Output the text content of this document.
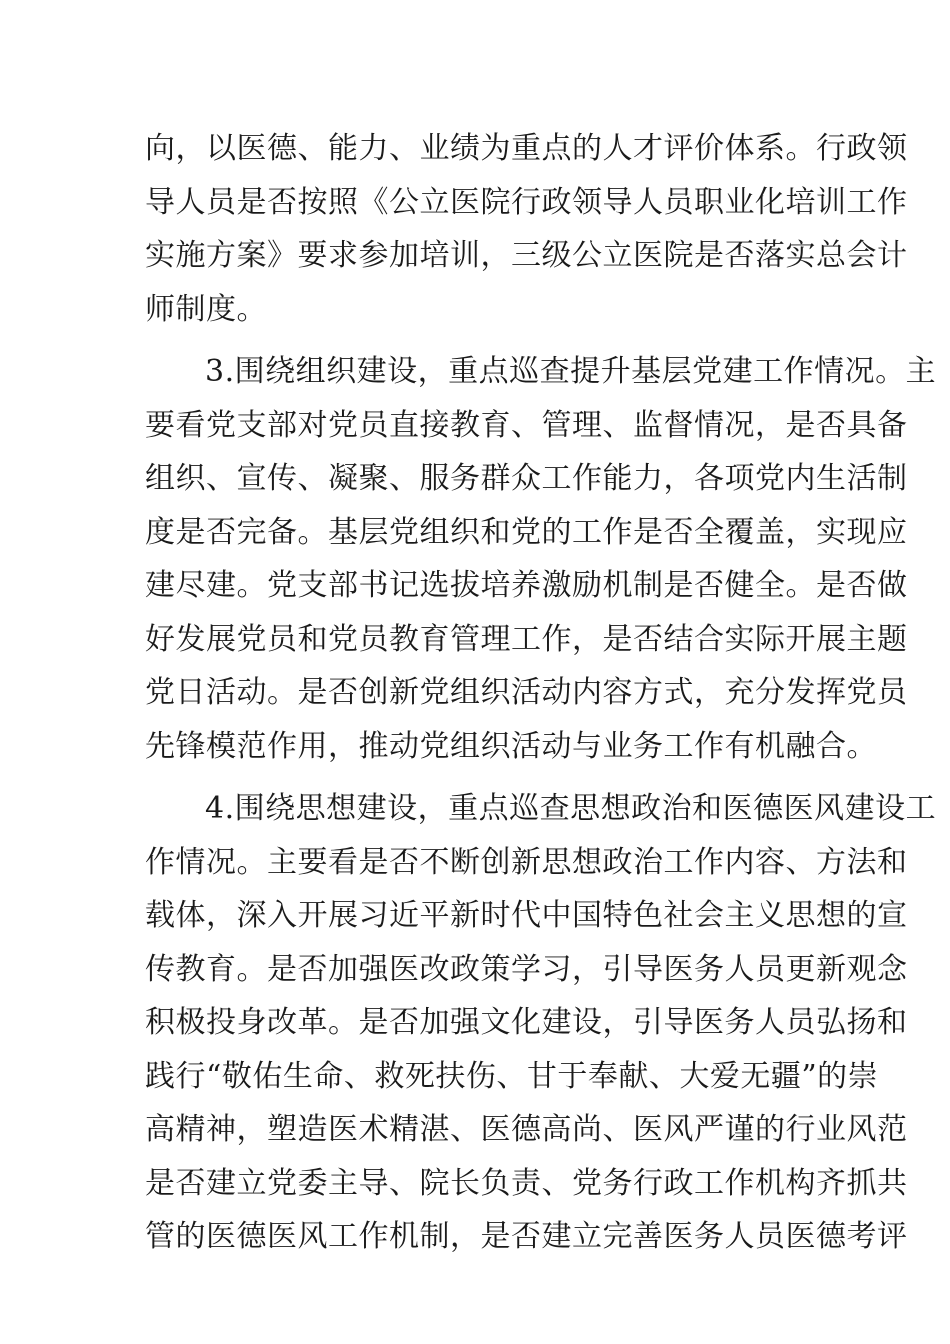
向，以医德、能力、业绩为重点的人才评价体系。行政领
导人员是否按照《公立医院行政领导人员职业化培训工作
实施方案》要求参加培训，三级公立医院是否落实总会计
师制度。
3.围绕组织建设，重点巡查提升基层党建工作情况。主
要看党支部对党员直接教育、管理、监督情况，是否具备
组织、宣传、凝聚、服务群众工作能力，各项党内生活制
度是否完备。基层党组织和党的工作是否全覆盖，实现应
建尽建。党支部书记选拔培养激励机制是否健全。是否做
好发展党员和党员教育管理工作，是否结合实际开展主题
党日活动。是否创新党组织活动内容方式，充分发挥党员
先锋模范作用，推动党组织活动与业务工作有机融合。
4.围绕思想建设，重点巡查思想政治和医德医风建设工
作情况。主要看是否不断创新思想政治工作内容、方法和
载体，深入开展习近平新时代中国特色社会主义思想的宣
传教育。是否加强医改政策学习，引导医务人员更新观念
积极投身改革。是否加强文化建设，引导医务人员弘扬和
践行“敬佑生命、救死扶伤、甘于奉献、大爱无疆”的崇
高精神，塑造医术精湛、医德高尚、医风严谨的行业风范
是否建立党委主导、院长负责、党务行政工作机构齐抓共
管的医德医风工作机制，是否建立完善医务人员医德考评
